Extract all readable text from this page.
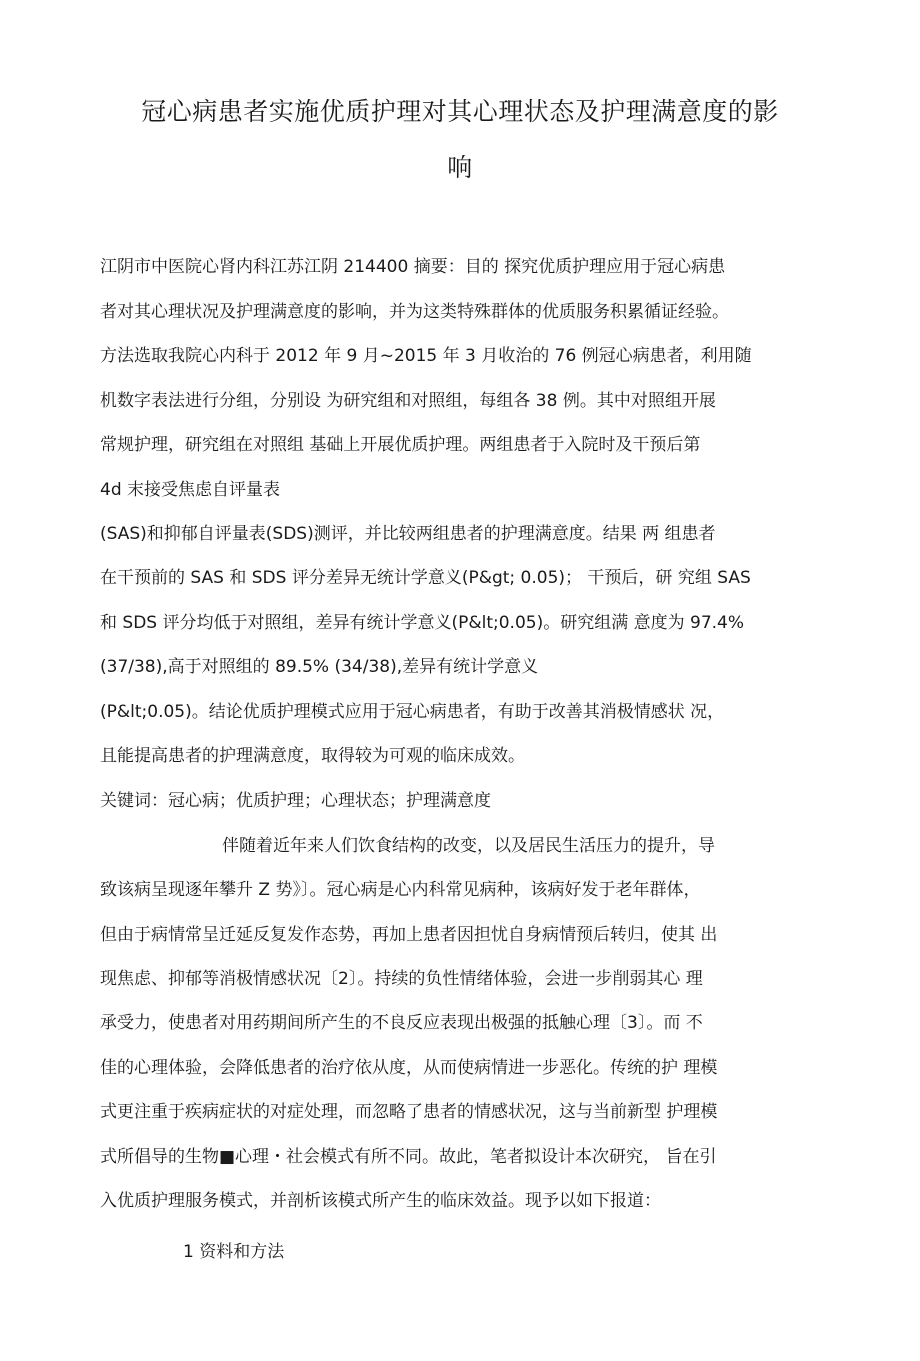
冠心病患者实施优质护理对其心理状态及护理满意度的影
响
江阴市中医院心肾内科江苏江阴 214400 摘要：目的 探究优质护理应用于冠心病患
者对其心理状况及护理满意度的影响，并为这类特殊群体的优质服务积累循证经验。
方法选取我院心内科于 2012 年 9 月~2015 年 3 月收治的 76 例冠心病患者，利用随
机数字表法进行分组，分别设 为研究组和对照组，每组各 38 例。其中对照组开展
常规护理，研究组在对照组 基础上开展优质护理。两组患者于入院时及干预后第
4d 末接受焦虑自评量表
(SAS)和抑郁自评量表(SDS)测评，并比较两组患者的护理满意度。结果 两 组患者
在干预前的 SAS 和 SDS 评分差异无统计学意义(P&gt; 0.05)； 干预后，研 究组 SAS
和 SDS 评分均低于对照组，差异有统计学意义(P&lt;0.05)。研究组满 意度为 97.4%
(37/38),高于对照组的 89.5% (34/38),差异有统计学意义
(P&lt;0.05)。结论优质护理模式应用于冠心病患者，有助于改善其消极情感状 况，
且能提高患者的护理满意度，取得较为可观的临床成效。
关键词：冠心病；优质护理；心理状态；护理满意度
伴随着近年来人们饮食结构的改变，以及居民生活压力的提升，导
致该病呈现逐年攀升 Z 势》〕。冠心病是心内科常见病种，该病好发于老年群体，
但由于病情常呈迁延反复发作态势，再加上患者因担忧自身病情预后转归，使其 出
现焦虑、抑郁等消极情感状况〔2〕。持续的负性情绪体验，会进一步削弱其心 理
承受力，使患者对用药期间所产生的不良反应表现出极强的抵触心理〔3〕。而 不
佳的心理体验，会降低患者的治疗依从度，从而使病情进一步恶化。传统的护 理模
式更注重于疾病症状的对症处理，而忽略了患者的情感状况，这与当前新型 护理模
式所倡导的生物■心理・社会模式有所不同。故此，笔者拟设计本次研究， 旨在引
入优质护理服务模式，并剖析该模式所产生的临床效益。现予以如下报道：
1 资料和方法
